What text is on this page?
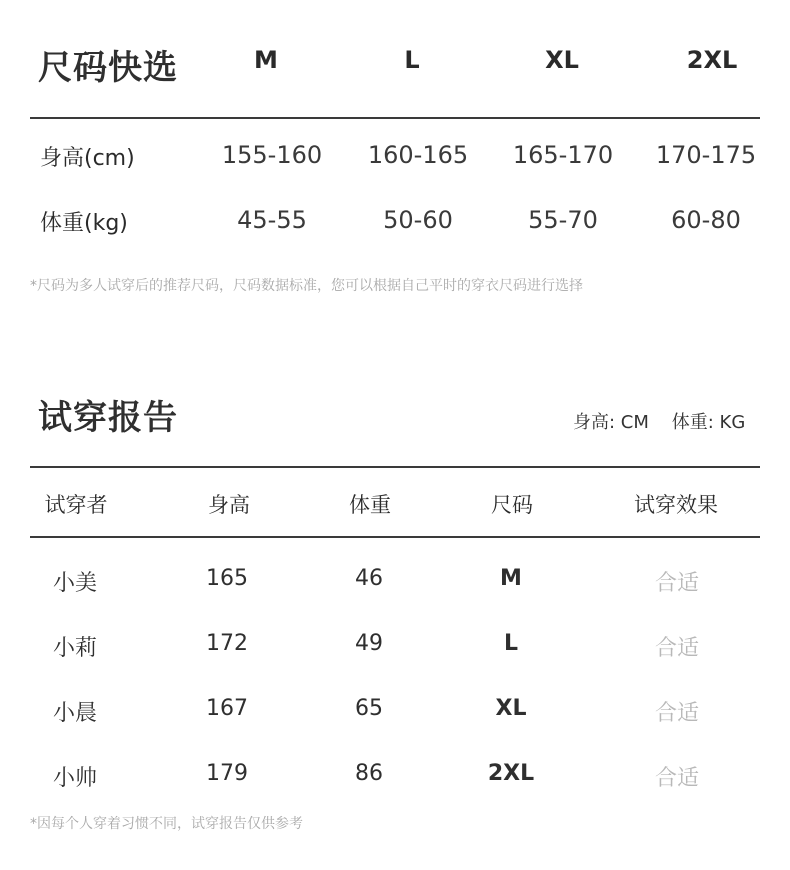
尺码快选	M	L	XL	2XL
身高(cm)	155-160	160-165	165-170	170-175
体重(kg)	45-55	50-60	55-70	60-80
*尺码为多人试穿后的推荐尺码，尺码数据标准，您可以根据自己平时的穿衣尺码进行选择
试穿报告	身高: CM    体重: KG
试穿者	身高	体重	尺码	试穿效果
小美	165	46	M	合适
小莉	172	49	L	合适
小晨	167	65	XL	合适
小帅	179	86	2XL	合适
*因每个人穿着习惯不同，试穿报告仅供参考
